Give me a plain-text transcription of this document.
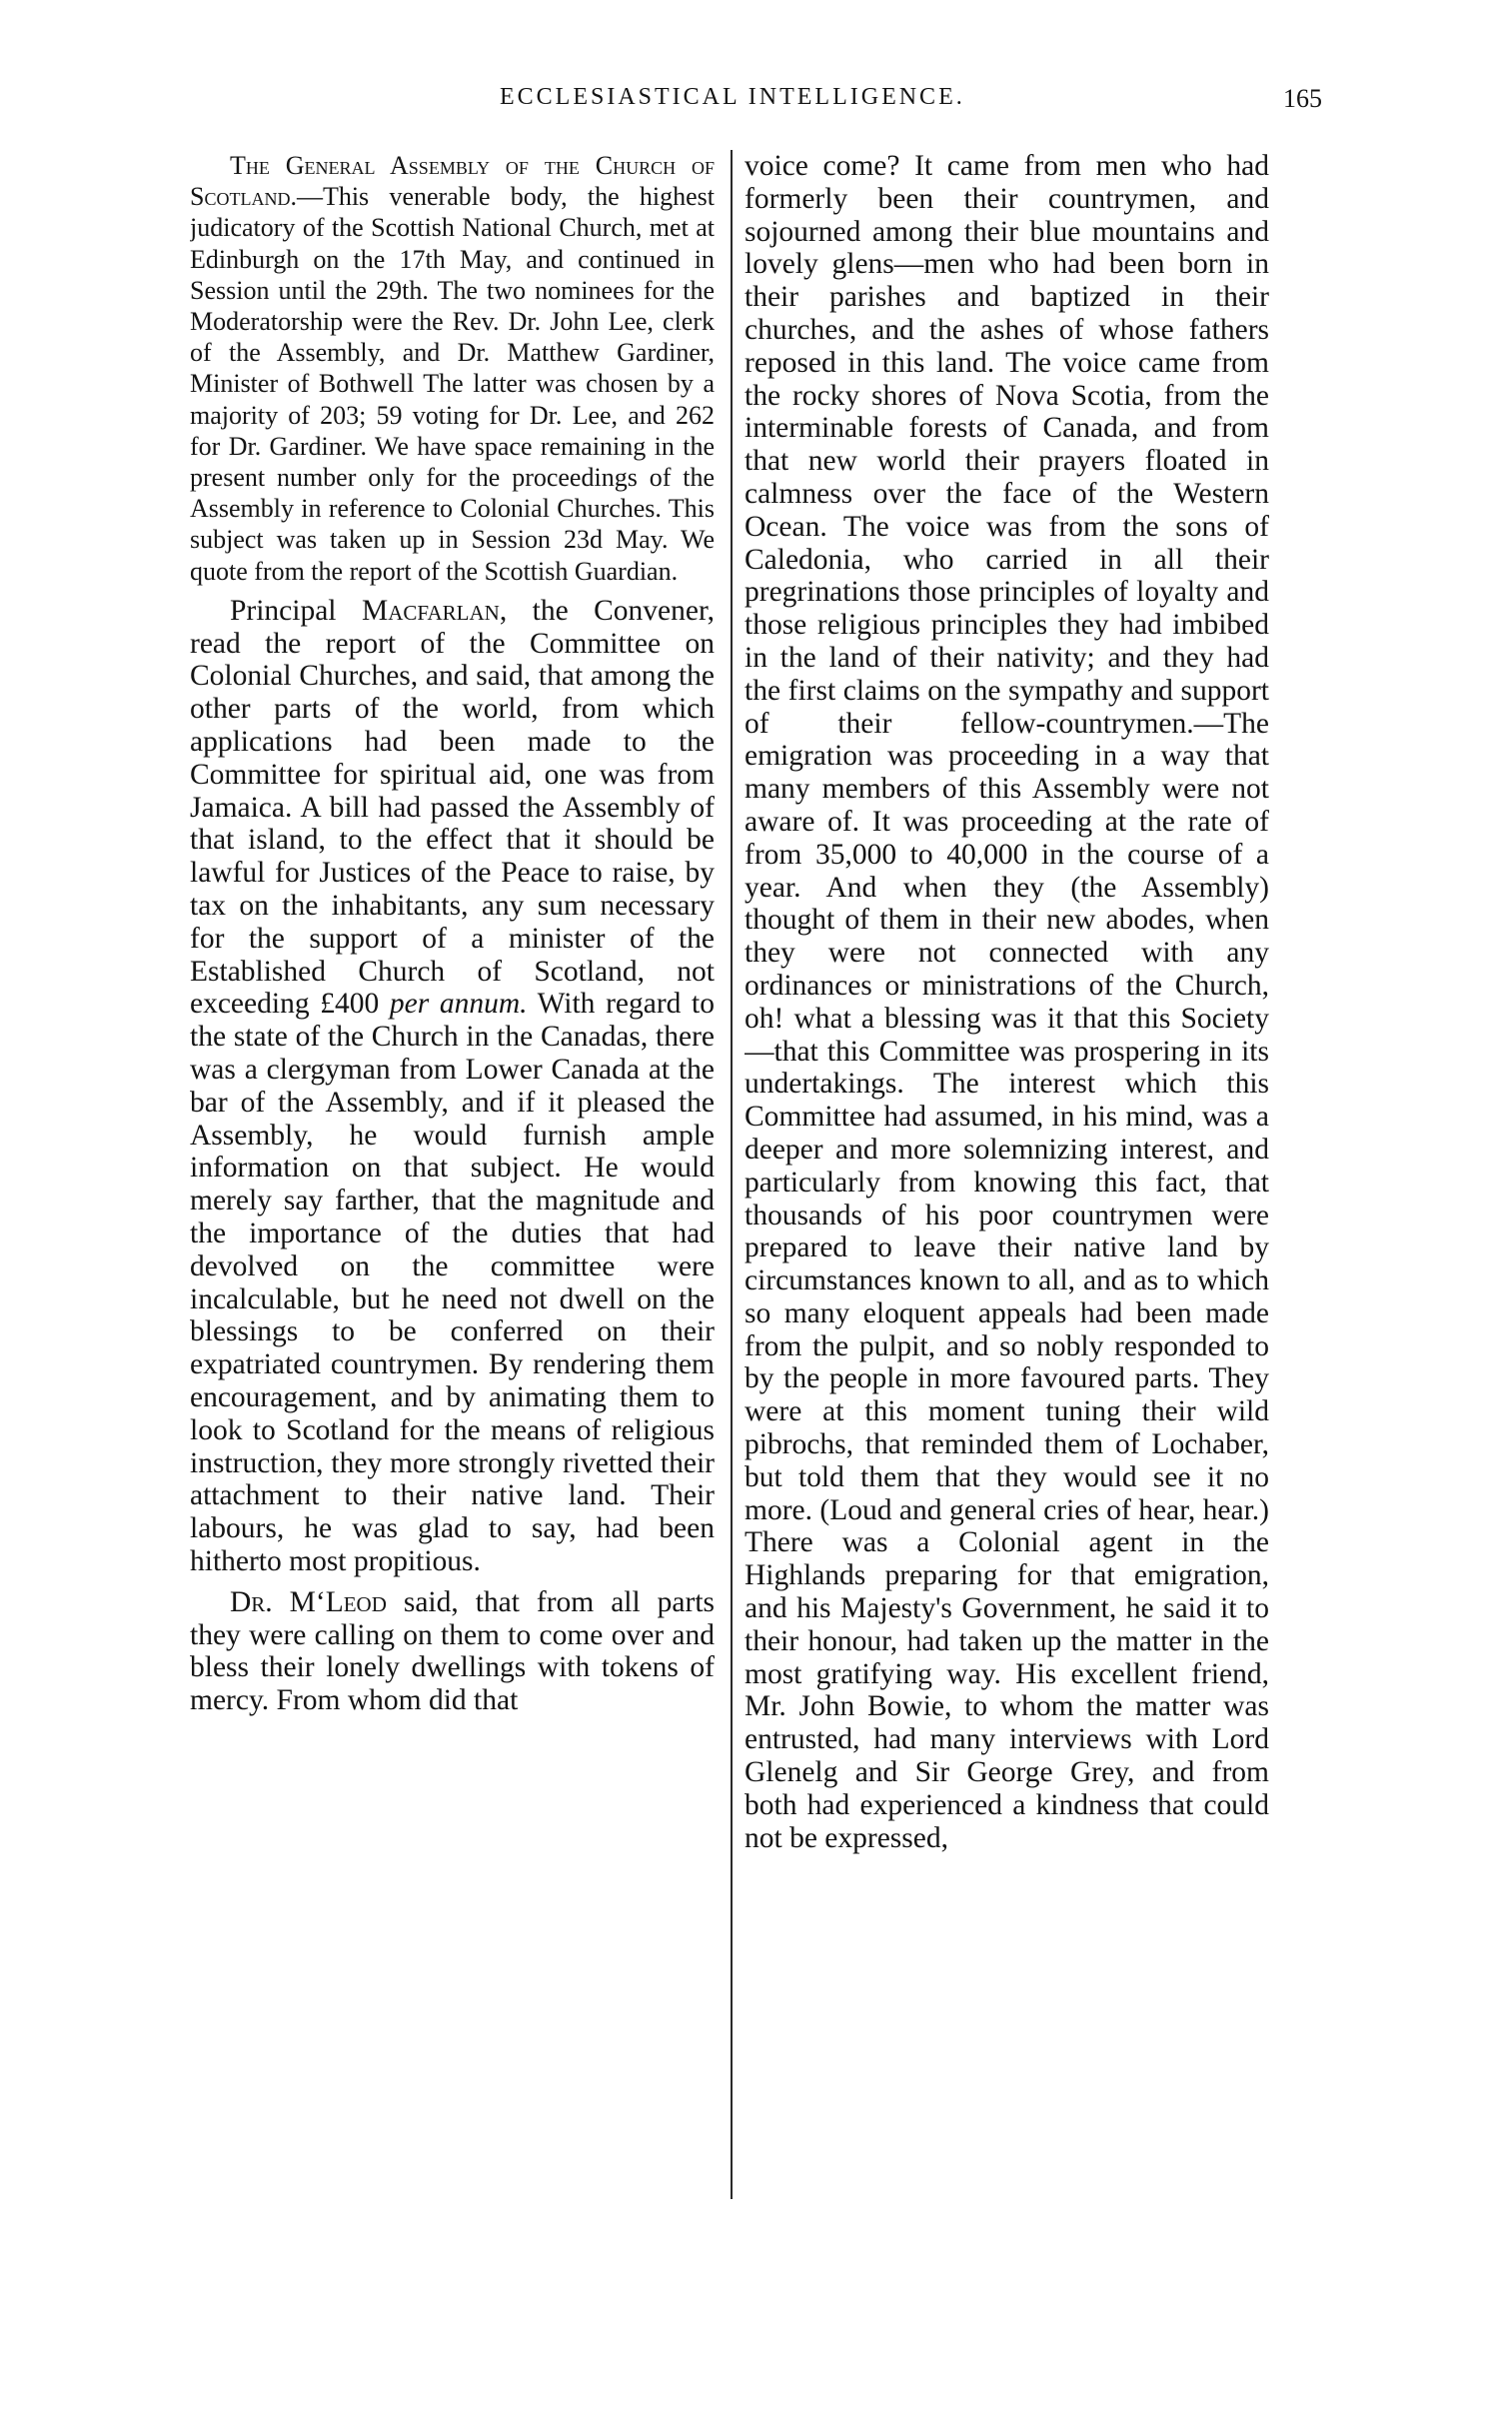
ECCLESIASTICAL INTELLIGENCE.	165

The General Assembly of the Church of Scotland.—This venerable body, the highest judicatory of the Scottish National Church, met at Edinburgh on the 17th May, and continued in Session until the 29th. The two nominees for the Moderatorship were the Rev. Dr. John Lee, clerk of the Assembly, and Dr. Matthew Gardiner, Minister of Bothwell The latter was chosen by a majority of 203; 59 voting for Dr. Lee, and 262 for Dr. Gardiner. We have space remaining in the present number only for the proceedings of the Assembly in reference to Colonial Churches. This subject was taken up in Session 23d May. We quote from the report of the Scottish Guardian.

Principal Macfarlan, the Convener, read the report of the Committee on Colonial Churches, and said, that among the other parts of the world, from which applications had been made to the Committee for spiritual aid, one was from Jamaica. A bill had passed the Assembly of that island, to the effect that it should be lawful for Justices of the Peace to raise, by tax on the inhabitants, any sum necessary for the support of a minister of the Established Church of Scotland, not exceeding £400 per annum. With regard to the state of the Church in the Canadas, there was a clergyman from Lower Canada at the bar of the Assembly, and if it pleased the Assembly, he would furnish ample information on that subject. He would merely say farther, that the magnitude and the importance of the duties that had devolved on the committee were incalculable, but he need not dwell on the blessings to be conferred on their expatriated countrymen. By rendering them encouragement, and by animating them to look to Scotland for the means of religious instruction, they more strongly rivetted their attachment to their native land. Their labours, he was glad to say, had been hitherto most propitious.

Dr. M‘Leod said, that from all parts they were calling on them to come over and bless their lonely dwellings with tokens of mercy. From whom did that

voice come? It came from men who had formerly been their countrymen, and sojourned among their blue mountains and lovely glens—men who had been born in their parishes and baptized in their churches, and the ashes of whose fathers reposed in this land. The voice came from the rocky shores of Nova Scotia, from the interminable forests of Canada, and from that new world their prayers floated in calmness over the face of the Western Ocean. The voice was from the sons of Caledonia, who carried in all their pregrinations those principles of loyalty and those religious principles they had imbibed in the land of their nativity; and they had the first claims on the sympathy and support of their fellow-countrymen.—The emigration was proceeding in a way that many members of this Assembly were not aware of. It was proceeding at the rate of from 35,000 to 40,000 in the course of a year. And when they (the Assembly) thought of them in their new abodes, when they were not connected with any ordinances or ministrations of the Church, oh! what a blessing was it that this Society—that this Committee was prospering in its undertakings. The interest which this Committee had assumed, in his mind, was a deeper and more solemnizing interest, and particularly from knowing this fact, that thousands of his poor countrymen were prepared to leave their native land by circumstances known to all, and as to which so many eloquent appeals had been made from the pulpit, and so nobly responded to by the people in more favoured parts. They were at this moment tuning their wild pibrochs, that reminded them of Lochaber, but told them that they would see it no more. (Loud and general cries of hear, hear.) There was a Colonial agent in the Highlands preparing for that emigration, and his Majesty's Government, he said it to their honour, had taken up the matter in the most gratifying way. His excellent friend, Mr. John Bowie, to whom the matter was entrusted, had many interviews with Lord Glenelg and Sir George Grey, and from both had experienced a kindness that could not be expressed,
